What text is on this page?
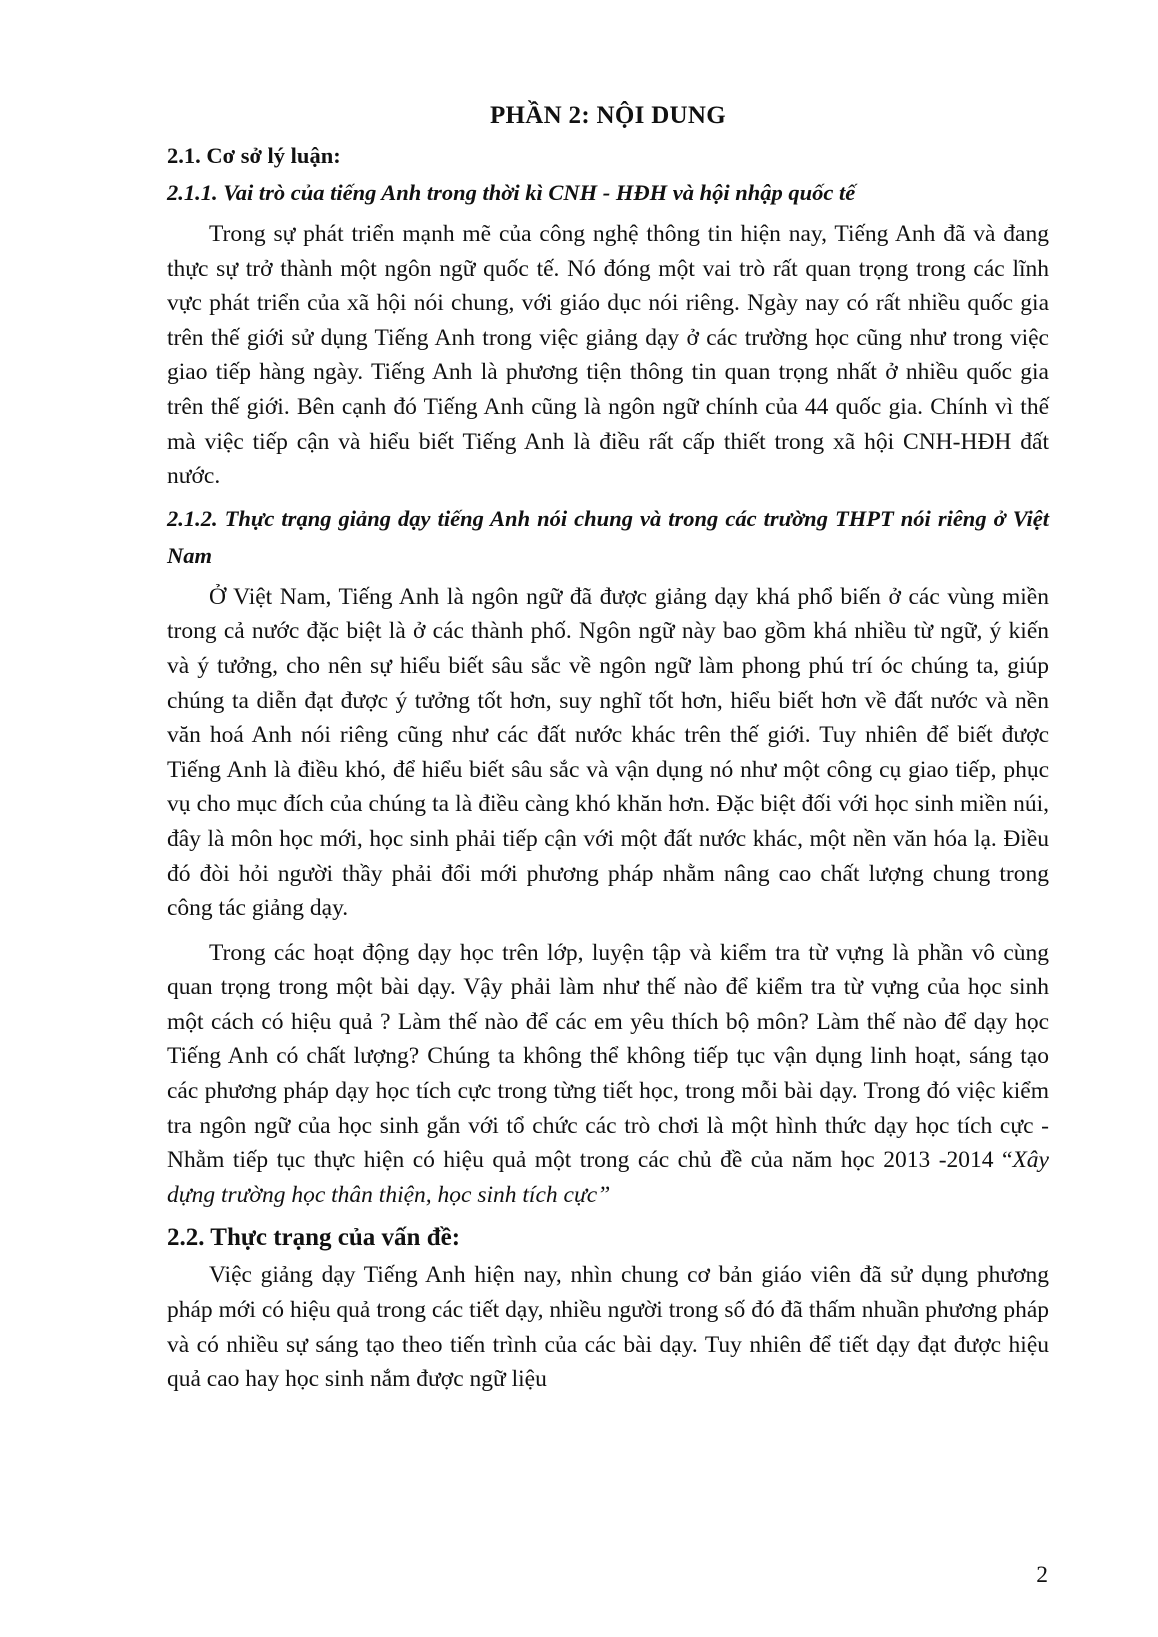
PHẦN 2: NỘI DUNG
2.1. Cơ sở lý luận:
2.1.1. Vai trò của tiếng Anh trong thời kì CNH - HĐH và hội nhập quốc tế

Trong sự phát triển mạnh mẽ của công nghệ thông tin hiện nay, Tiếng Anh đã và đang thực sự trở thành một ngôn ngữ quốc tế. Nó đóng một vai trò rất quan trọng trong các lĩnh vực phát triển của xã hội nói chung, với giáo dục nói riêng. Ngày nay có rất nhiều quốc gia trên thế giới sử dụng Tiếng Anh trong việc giảng dạy ở các trường học cũng như trong việc giao tiếp hàng ngày. Tiếng Anh là phương tiện thông tin quan trọng nhất ở nhiều quốc gia trên thế giới. Bên cạnh đó Tiếng Anh cũng là ngôn ngữ chính của 44 quốc gia. Chính vì thế mà việc tiếp cận và hiểu biết Tiếng Anh là điều rất cấp thiết trong xã hội CNH-HĐH đất nước.

2.1.2. Thực trạng giảng dạy tiếng Anh nói chung và trong các trường THPT nói riêng ở Việt Nam

Ở Việt Nam, Tiếng Anh là ngôn ngữ đã được giảng dạy khá phổ biến ở các vùng miền trong cả nước đặc biệt là ở các thành phố. Ngôn ngữ này bao gồm khá nhiều từ ngữ, ý kiến và ý tưởng, cho nên sự hiểu biết sâu sắc về ngôn ngữ làm phong phú trí óc chúng ta, giúp chúng ta diễn đạt được ý tưởng tốt hơn, suy nghĩ tốt hơn, hiểu biết hơn về đất nước và nền văn hoá Anh nói riêng cũng như các đất nước khác trên thế giới. Tuy nhiên để biết được Tiếng Anh là điều khó, để hiểu biết sâu sắc và vận dụng nó như một công cụ giao tiếp, phục vụ cho mục đích của chúng ta là điều càng khó khăn hơn. Đặc biệt đối với học sinh miền núi, đây là môn học mới, học sinh phải tiếp cận với một đất nước khác, một nền văn hóa lạ. Điều đó đòi hỏi người thầy phải đổi mới phương pháp nhằm nâng cao chất lượng chung trong công tác giảng dạy.

Trong các hoạt động dạy học trên lớp, luyện tập và kiểm tra từ vựng là phần vô cùng quan trọng trong một bài dạy. Vậy phải làm như thế nào để kiểm tra từ vựng của học sinh một cách có hiệu quả ? Làm thế nào để các em yêu thích bộ môn? Làm thế nào để dạy học Tiếng Anh có chất lượng? Chúng ta không thể không tiếp tục vận dụng linh hoạt, sáng tạo các phương pháp dạy học tích cực trong từng tiết học, trong mỗi bài dạy. Trong đó việc kiểm tra ngôn ngữ của học sinh gắn với tổ chức các trò chơi là một hình thức dạy học tích cực - Nhằm tiếp tục thực hiện có hiệu quả một trong các chủ đề của năm học 2013 -2014 “Xây dựng trường học thân thiện, học sinh tích cực”

2.2. Thực trạng của vấn đề:

Việc giảng dạy Tiếng Anh hiện nay, nhìn chung cơ bản giáo viên đã sử dụng phương pháp mới có hiệu quả trong các tiết dạy, nhiều người trong số đó đã thấm nhuần phương pháp và có nhiều sự sáng tạo theo tiến trình của các bài dạy. Tuy nhiên để tiết dạy đạt được hiệu quả cao hay học sinh nắm được ngữ liệu

2
